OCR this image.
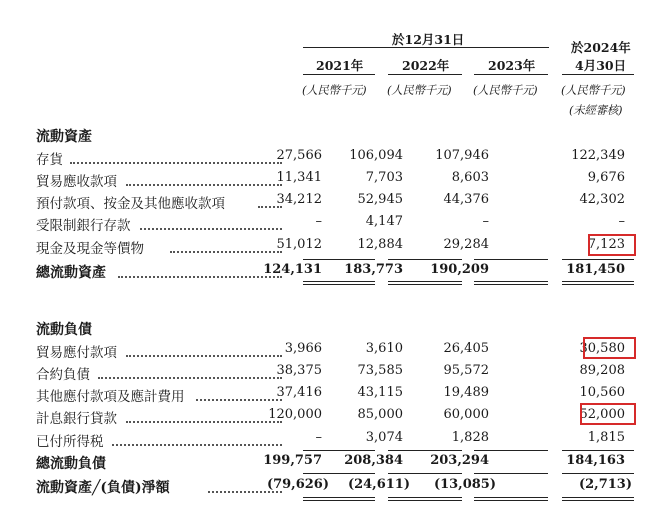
於12月31日
於2024年
2021年	2022年	2023年	4月30日
(人民幣千元) (人民幣千元) (人民幣千元) (人民幣千元)
(未經審核)
流動資產
存貨	27,566 106,094 107,946	122,349
貿易應收款項	11,341	7,703	8,603	9,676
預付款項、按金及其他應收款項	34,212	52,945	44,376	42,302
受限制銀行存款	–	4,147	–	–
現金及現金等價物	51,012	12,884	29,284	7,123
總流動資產	124,131 183,773 190,209	181,450
流動負債
貿易應付款項	3,966	3,610	26,405	30,580
合約負債	38,375	73,585	95,572	89,208
其他應付款項及應計費用	37,416	43,115	19,489	10,560
計息銀行貸款	120,000	85,000	60,000	52,000
已付所得税	–	3,074	1,828	1,815
總流動負債	199,757 208,384 203,294	184,163
流動資產╱(負債)淨額	(79,626) (24,611) (13,085)	(2,713)
